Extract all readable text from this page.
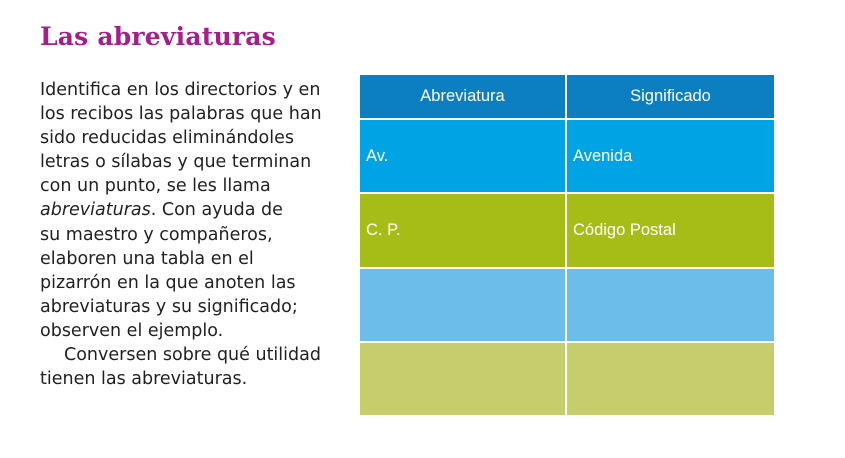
Las abreviaturas
Identifica en los directorios y en
los recibos las palabras que han
sido reducidas eliminándoles
letras o sílabas y que terminan
con un punto, se les llama
abreviaturas. Con ayuda de
su maestro y compañeros,
elaboren una tabla en el
pizarrón en la que anoten las
abreviaturas y su significado;
observen el ejemplo.
Conversen sobre qué utilidad
tienen las abreviaturas.
Abreviatura	Significado
Av.	Avenida
C. P.	Código Postal
